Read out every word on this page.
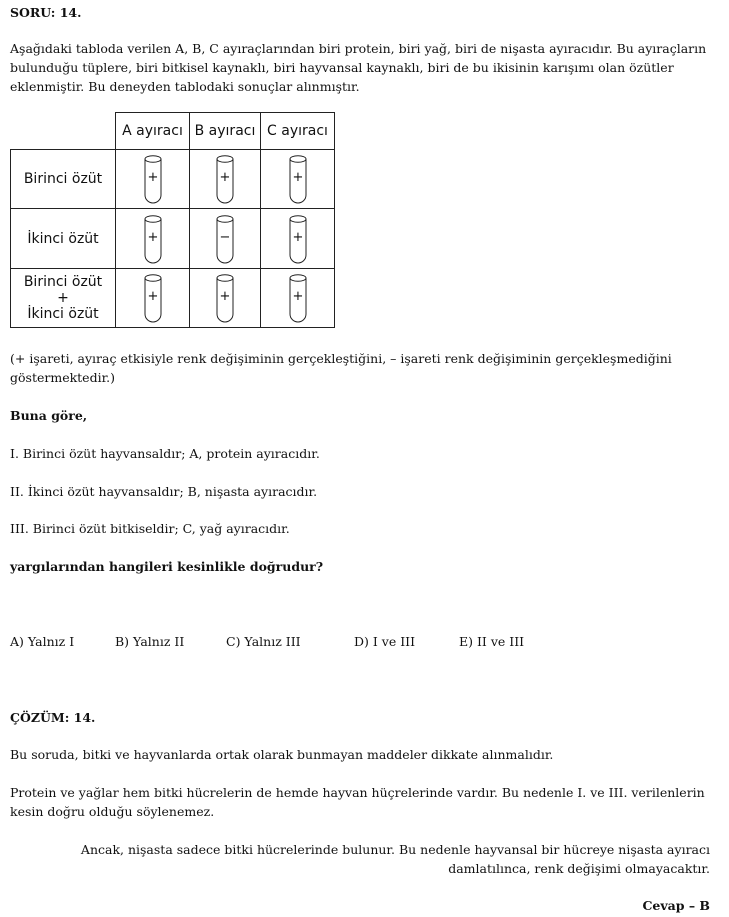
SORU: 14.
Aşağıdaki tabloda verilen A, B, C ayıraçlarından biri protein, biri yağ, biri de nişasta ayıracıdır. Bu ayıraçların bulunduğu tüplere, biri bitkisel kaynaklı, biri hayvansal kaynaklı, biri de bu ikisinin karışımı olan özütler eklenmiştir. Bu deneyden tablodaki sonuçlar alınmıştır.
	A ayıracı	B ayıracı	C ayıracı

Birinci özüt	+	+	+

İkinci özüt	+	−	+

Birinci özüt
+
İkinci özüt	+	+	+
(+ işareti, ayıraç etkisiyle renk değişiminin gerçekleştiğini, – işareti renk değişiminin gerçekleşmediğini göstermektedir.)
Buna göre,
I. Birinci özüt hayvansaldır; A, protein ayıracıdır.
II. İkinci özüt hayvansaldır; B, nişasta ayıracıdır.
III. Birinci özüt bitkiseldir; C, yağ ayıracıdır.
yargılarından hangileri kesinlikle doğrudur?
A) Yalnız I	B) Yalnız II	C) Yalnız III	D) I ve III	E) II ve III
ÇÖZÜM: 14.
Bu soruda, bitki ve hayvanlarda ortak olarak bunmayan maddeler dikkate alınmalıdır.
Protein ve yağlar hem bitki hücrelerin de hemde hayvan hüçrelerinde vardır. Bu nedenle I. ve III. verilenlerin kesin doğru olduğu söylenemez.
Ancak, nişasta sadece bitki hücrelerinde bulunur. Bu nedenle hayvansal bir hücreye nişasta ayıracı damlatılınca, renk değişimi olmayacaktır.
Cevap – B
